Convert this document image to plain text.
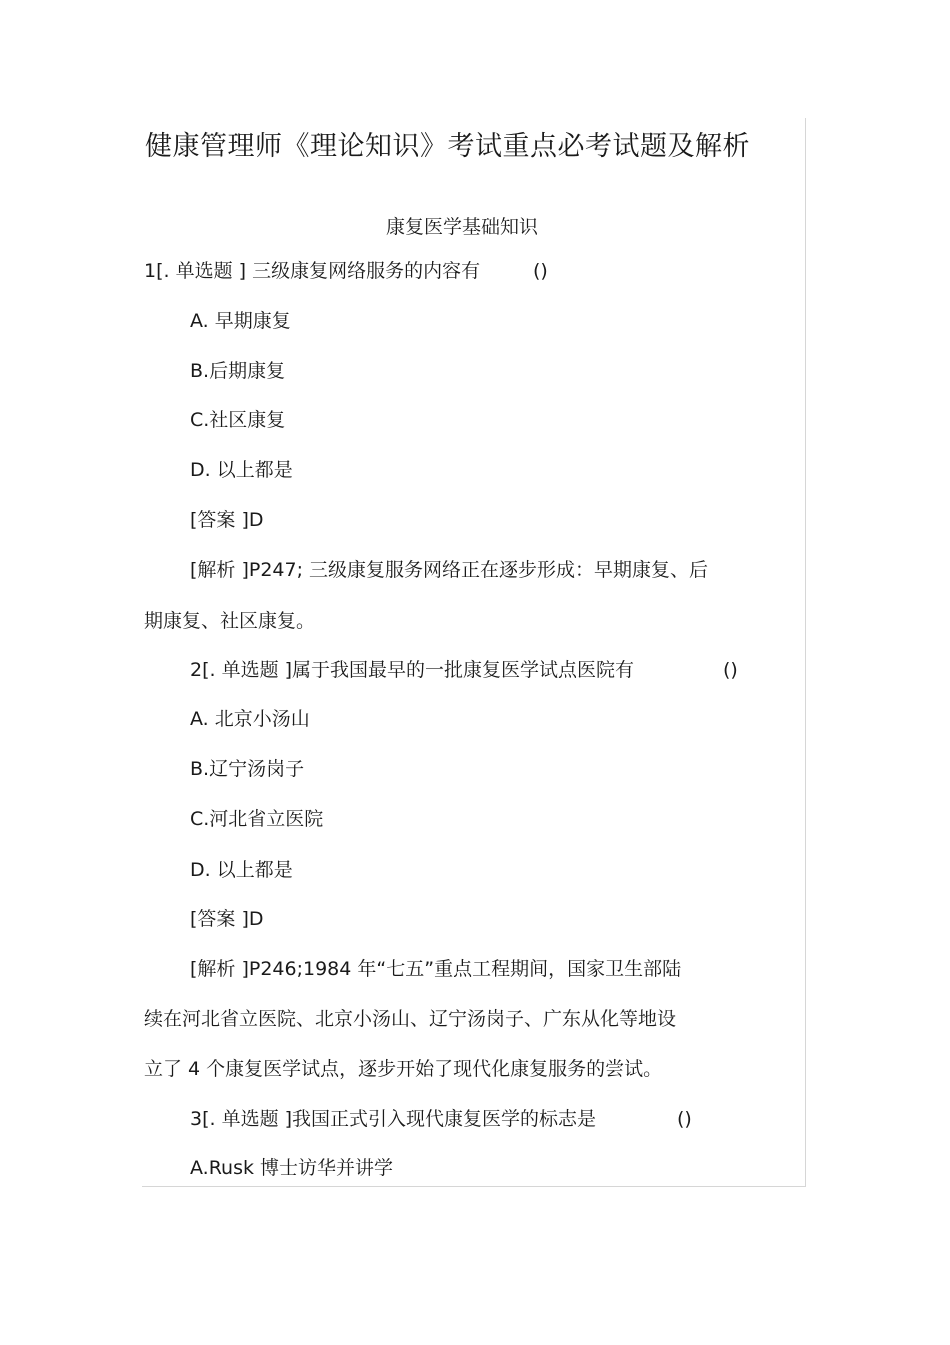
健康管理师《理论知识》考试重点必考试题及解析
康复医学基础知识
1[. 单选题 ] 三级康复网络服务的内容有	()
A. 早期康复
B.后期康复
C.社区康复
D. 以上都是
[答案 ]D
[解析 ]P247; 三级康复服务网络正在逐步形成：早期康复、后
期康复、社区康复。
2[. 单选题 ]属于我国最早的一批康复医学试点医院有	()
A. 北京小汤山
B.辽宁汤岗子
C.河北省立医院
D. 以上都是
[答案 ]D
[解析 ]P246;1984 年“七五”重点工程期间，国家卫生部陆
续在河北省立医院、北京小汤山、辽宁汤岗子、广东从化等地设
立了 4 个康复医学试点，逐步开始了现代化康复服务的尝试。
3[. 单选题 ]我国正式引入现代康复医学的标志是	()
A.Rusk 博士访华并讲学
